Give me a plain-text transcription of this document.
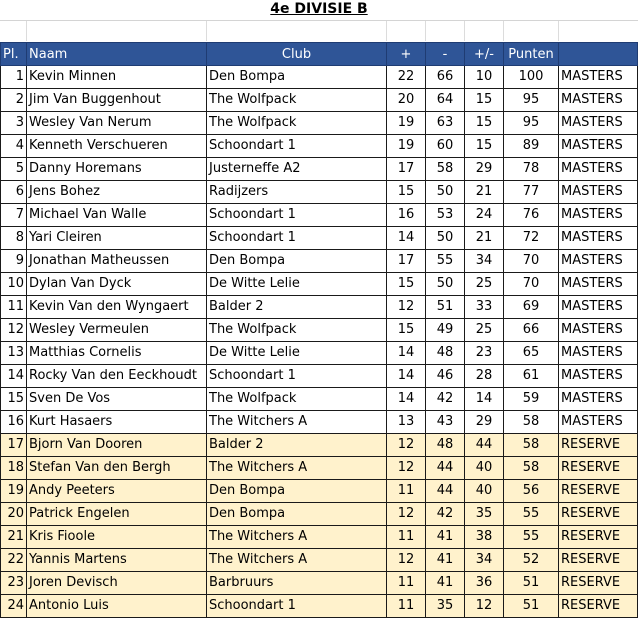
4e DIVISIE B
Pl.	Naam	Club	+	-	+/-	Punten	
1	Kevin Minnen	Den Bompa	22	66	10	100	MASTERS
2	Jim Van Buggenhout	The Wolfpack	20	64	15	95	MASTERS
3	Wesley Van Nerum	The Wolfpack	19	63	15	95	MASTERS
4	Kenneth Verschueren	Schoondart 1	19	60	15	89	MASTERS
5	Danny Horemans	Justerneffe A2	17	58	29	78	MASTERS
6	Jens Bohez	Radijzers	15	50	21	77	MASTERS
7	Michael Van Walle	Schoondart 1	16	53	24	76	MASTERS
8	Yari Cleiren	Schoondart 1	14	50	21	72	MASTERS
9	Jonathan Matheussen	Den Bompa	17	55	34	70	MASTERS
10	Dylan Van Dyck	De Witte Lelie	15	50	25	70	MASTERS
11	Kevin Van den Wyngaert	Balder 2	12	51	33	69	MASTERS
12	Wesley Vermeulen	The Wolfpack	15	49	25	66	MASTERS
13	Matthias Cornelis	De Witte Lelie	14	48	23	65	MASTERS
14	Rocky Van den Eeckhoudt	Schoondart 1	14	46	28	61	MASTERS
15	Sven De Vos	The Wolfpack	14	42	14	59	MASTERS
16	Kurt Hasaers	The Witchers A	13	43	29	58	MASTERS
17	Bjorn Van Dooren	Balder 2	12	48	44	58	RESERVE
18	Stefan Van den Bergh	The Witchers A	12	44	40	58	RESERVE
19	Andy Peeters	Den Bompa	11	44	40	56	RESERVE
20	Patrick Engelen	Den Bompa	12	42	35	55	RESERVE
21	Kris Fioole	The Witchers A	11	41	38	55	RESERVE
22	Yannis Martens	The Witchers A	12	41	34	52	RESERVE
23	Joren Devisch	Barbruurs	11	41	36	51	RESERVE
24	Antonio Luis	Schoondart 1	11	35	12	51	RESERVE
